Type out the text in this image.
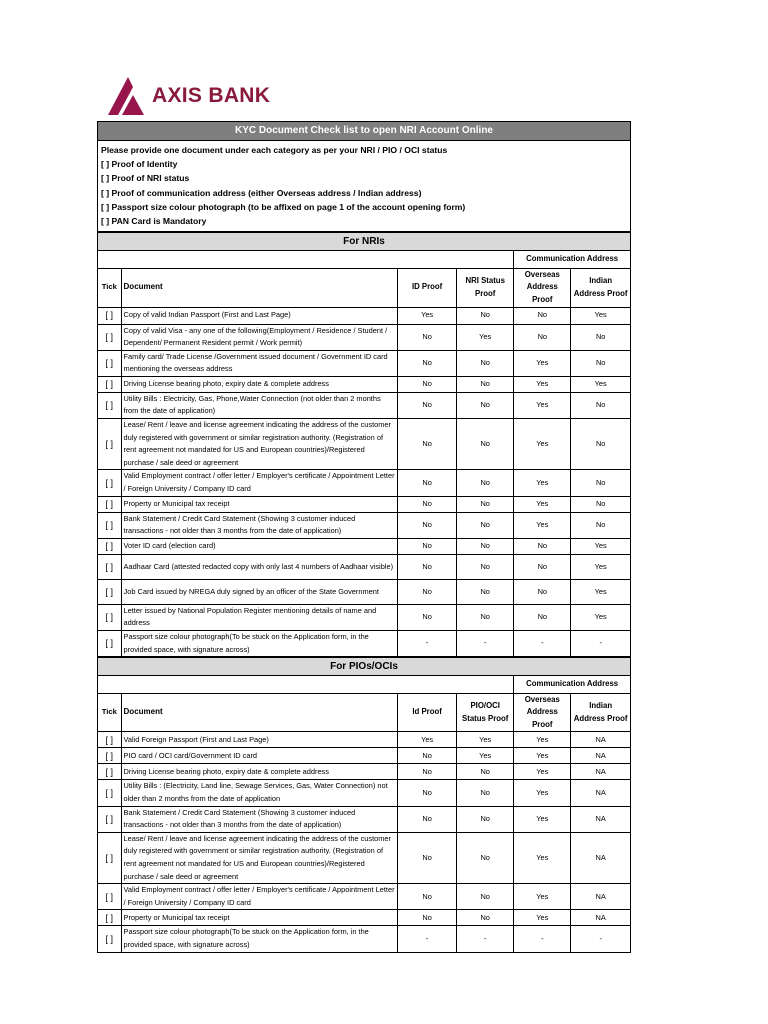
AXIS BANK
KYC Document Check list to open NRI Account Online
Please provide one document under each category as per your NRI / PIO / OCI status
[ ] Proof of Identity
[ ] Proof of NRI status
[ ] Proof of communication address (either Overseas address / Indian address)
[ ] Passport size colour photograph (to be affixed on page 1 of the account opening form)
[ ] PAN Card is Mandatory
For NRIs
				Communication Address	
Tick	Document	ID Proof	NRI Status Proof	Overseas Address Proof	Indian Address Proof
[ ]	Copy of valid Indian Passport (First and Last Page)	Yes	No	No	Yes
[ ]	Copy of valid Visa - any one of the following(Employment / Residence / Student / Dependent/ Permanent Resident permit / Work permit)	No	Yes	No	No
[ ]	Family card/ Trade License /Government issued document / Government ID card mentioning the overseas address	No	No	Yes	No
[ ]	Driving License bearing photo, expiry date & complete address	No	No	Yes	Yes
[ ]	Utility Bills : Electricity, Gas, Phone,Water Connection (not older than 2 months from the date of application)	No	No	Yes	No
[ ]	Lease/ Rent / leave and license agreement indicating the address of the customer duly registered with government or similar registration authority. (Registration of rent agreement not mandated for US and European countries)/Registered purchase / sale deed or agreement	No	No	Yes	No
[ ]	Valid Employment contract / offer letter / Employer's certificate / Appointment Letter / Foreign University / Company ID card	No	No	Yes	No
[ ]	Property or Municipal tax receipt	No	No	Yes	No
[ ]	Bank Statement / Credit Card Statement (Showing 3 customer induced transactions - not older than 3 months from the date of application)	No	No	Yes	No
[ ]	Voter ID card (election card)	No	No	No	Yes
[ ]	Aadhaar Card (attested redacted copy with only last 4 numbers of Aadhaar visible)	No	No	No	Yes
[ ]	Job Card issued by NREGA duly signed by an officer of the State Government	No	No	No	Yes
[ ]	Letter issued by National Population Register mentioning details of name and address	No	No	No	Yes
[ ]	Passport size colour photograph(To be stuck on the Application form, in the provided space, with signature across)	-	-	-	-
For PIOs/OCIs
				Communication Address	
Tick	Document	Id Proof	PIO/OCI Status Proof	Overseas Address Proof	Indian Address Proof
[ ]	Valid Foreign Passport (First and Last Page)	Yes	Yes	Yes	NA
[ ]	PIO card / OCI card/Government ID card	No	Yes	Yes	NA
[ ]	Driving License bearing photo, expiry date & complete address	No	No	Yes	NA
[ ]	Utility Bills : (Electricity, Land line, Sewage Services, Gas, Water Connection) not older than 2 months from the date of application	No	No	Yes	NA
[ ]	Bank Statement / Credit Card Statement (Showing 3 customer induced transactions - not older than 3 months from the date of application)	No	No	Yes	NA
[ ]	Lease/ Rent / leave and license agreement indicating the address of the customer duly registered with government or similar registration authority. (Registration of rent agreement not mandated for US and European countries)/Registered purchase / sale deed or agreement	No	No	Yes	NA
[ ]	Valid Employment contract / offer letter / Employer's certificate / Appointment Letter / Foreign University / Company ID card	No	No	Yes	NA
[ ]	Property or Municipal tax receipt	No	No	Yes	NA
[ ]	Passport size colour photograph(To be stuck on the Application form, in the provided space, with signature across)	-	-	-	-
